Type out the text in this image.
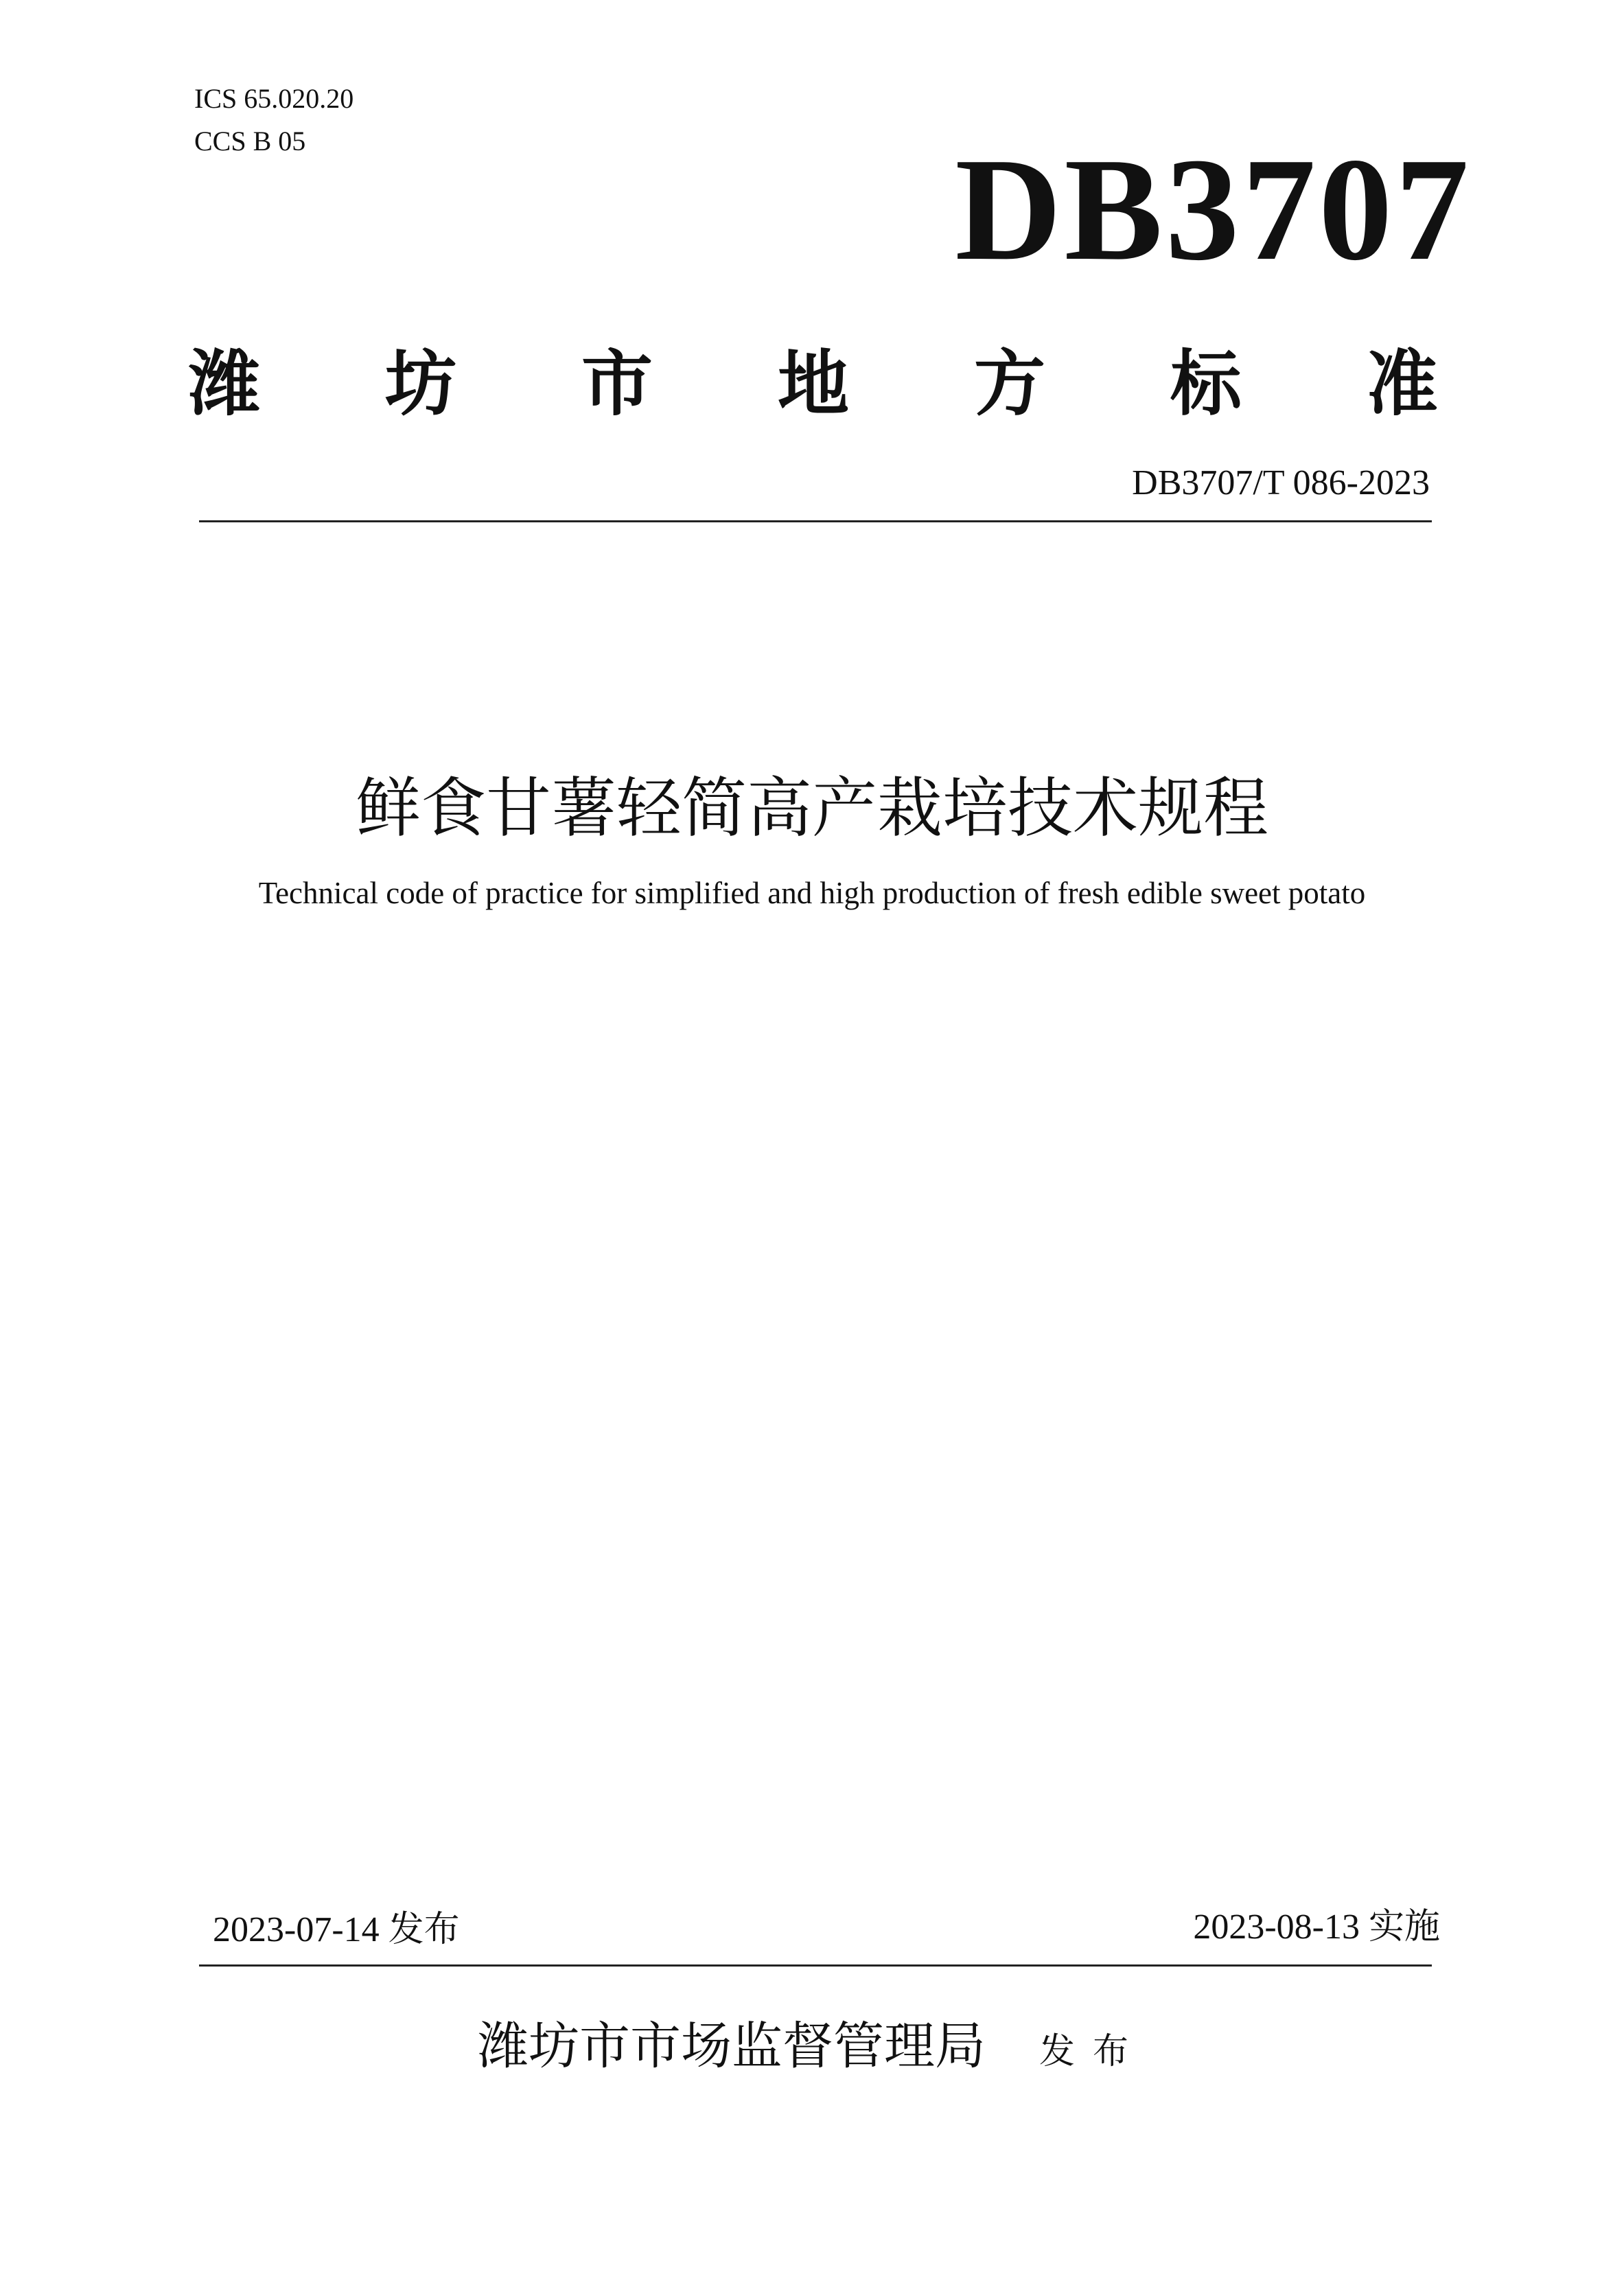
ICS 65.020.20
CCS B 05	DB3707
潍 坊 市 地 方 标 准
DB3707/T 086-2023
鲜食甘薯轻简高产栽培技术规程
Technical code of practice for simplified and high production of fresh edible sweet potato
2023-07-14 发布	2023-08-13 实施
潍坊市市场监督管理局 发布
